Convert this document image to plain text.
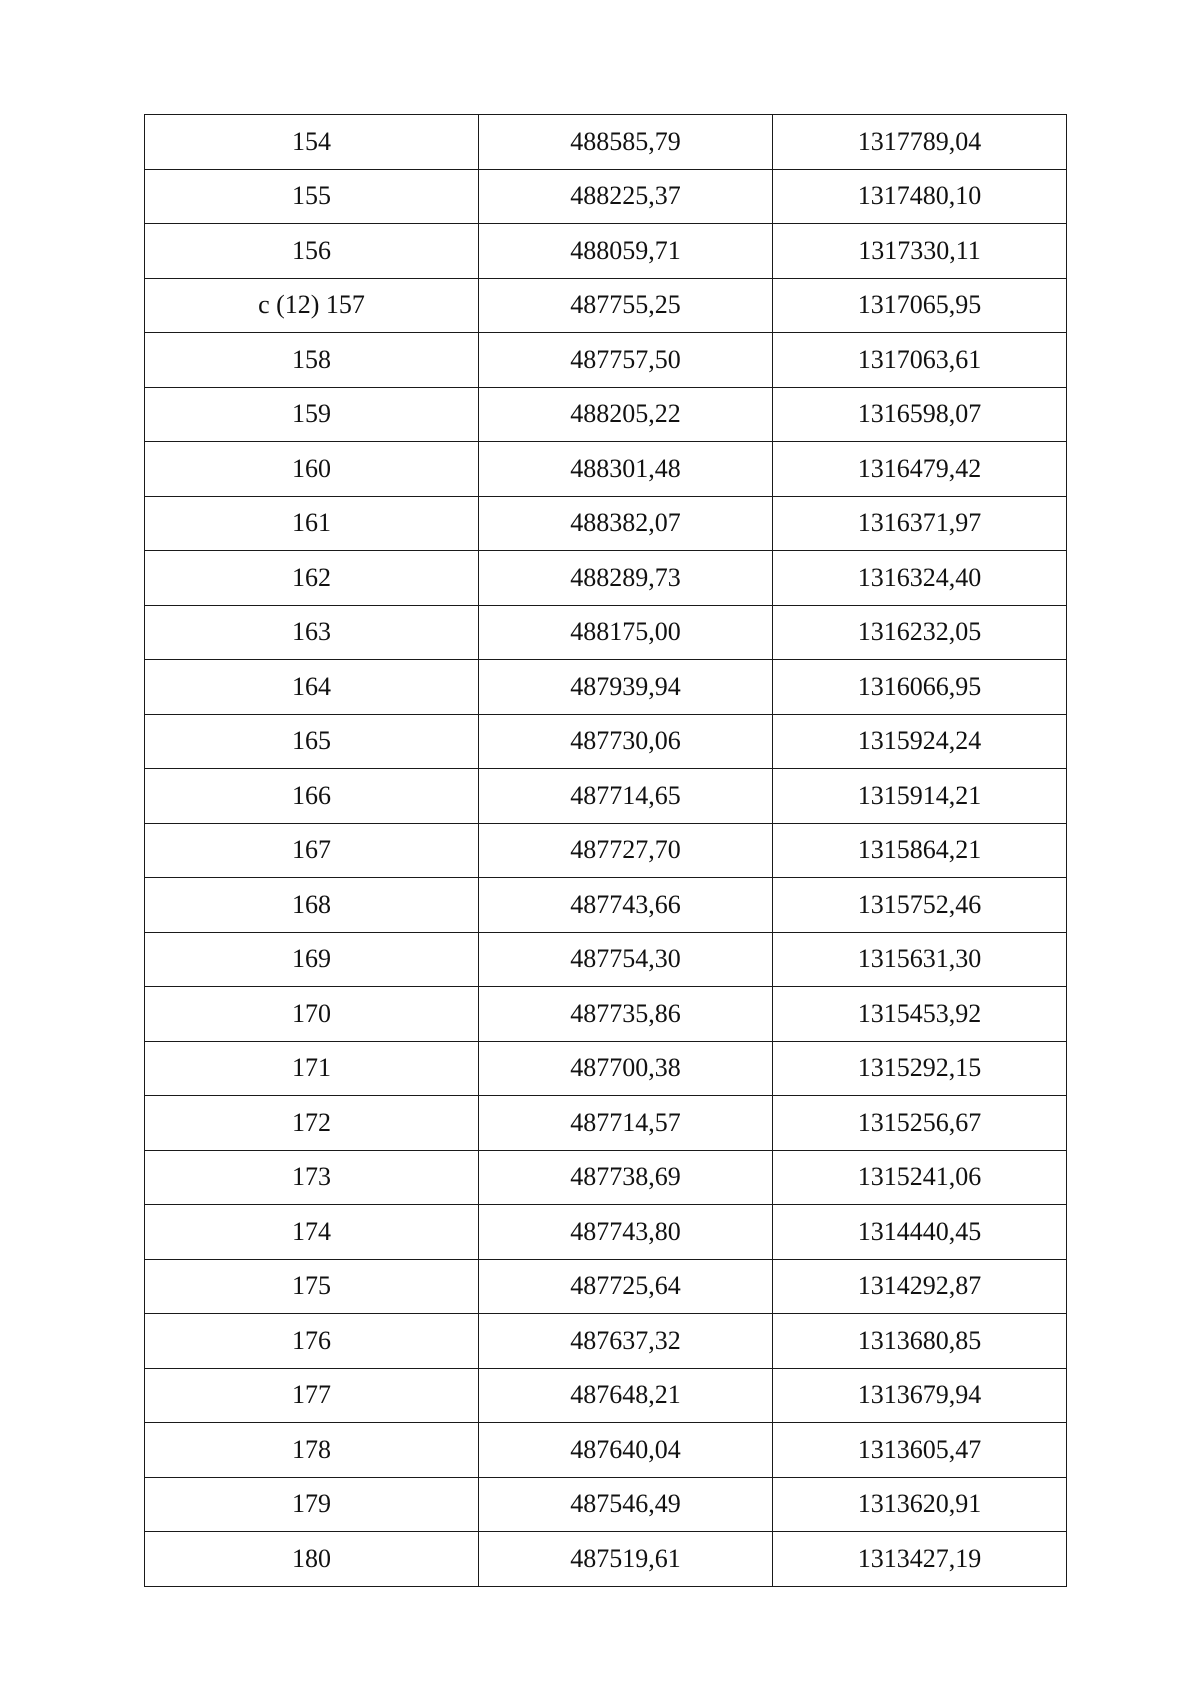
154	488585,79	1317789,04
155	488225,37	1317480,10
156	488059,71	1317330,11
с (12) 157	487755,25	1317065,95
158	487757,50	1317063,61
159	488205,22	1316598,07
160	488301,48	1316479,42
161	488382,07	1316371,97
162	488289,73	1316324,40
163	488175,00	1316232,05
164	487939,94	1316066,95
165	487730,06	1315924,24
166	487714,65	1315914,21
167	487727,70	1315864,21
168	487743,66	1315752,46
169	487754,30	1315631,30
170	487735,86	1315453,92
171	487700,38	1315292,15
172	487714,57	1315256,67
173	487738,69	1315241,06
174	487743,80	1314440,45
175	487725,64	1314292,87
176	487637,32	1313680,85
177	487648,21	1313679,94
178	487640,04	1313605,47
179	487546,49	1313620,91
180	487519,61	1313427,19
